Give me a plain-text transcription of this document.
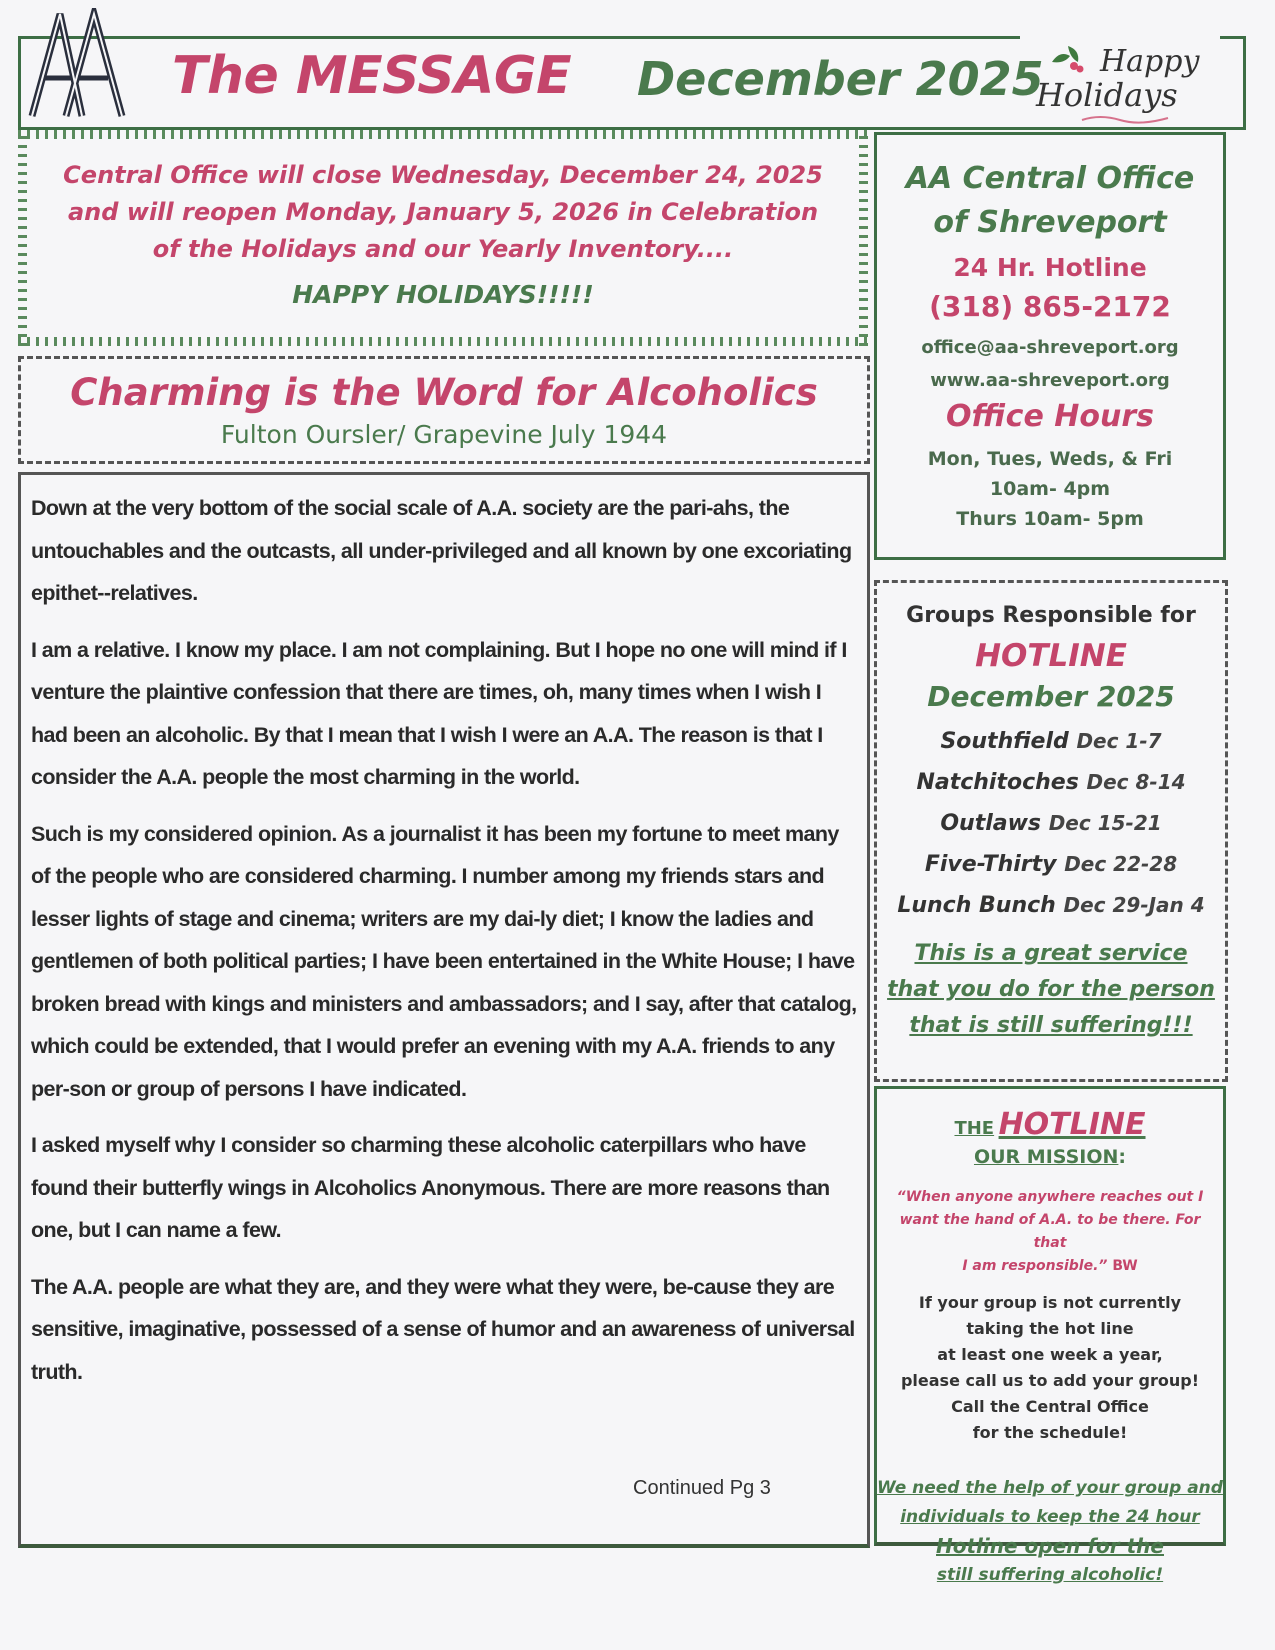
The MESSAGE December 2025 Happy
Holidays
Central Office will close Wednesday, December 24, 2025
and will reopen Monday, January 5, 2026 in Celebration
of the Holidays and our Yearly Inventory....
HAPPY HOLIDAYS!!!!!
Charming is the Word for Alcoholics
Fulton Oursler/ Grapevine July 1944

Down at the very bottom of the social scale of A.A. society are the pari-ahs, the untouchables and the outcasts, all under-privileged and all known by one excoriating epithet--relatives.

I am a relative. I know my place. I am not complaining. But I hope no one will mind if I venture the plaintive confession that there are times, oh, many times when I wish I had been an alcoholic. By that I mean that I wish I were an A.A. The reason is that I consider the A.A. people the most charming in the world.

Such is my considered opinion. As a journalist it has been my fortune to meet many of the people who are considered charming. I number among my friends stars and lesser lights of stage and cinema; writers are my dai-ly diet; I know the ladies and gentlemen of both political parties; I have been entertained in the White House; I have broken bread with kings and ministers and ambassadors; and I say, after that catalog, which could be extended, that I would prefer an evening with my A.A. friends to any per-son or group of persons I have indicated.

I asked myself why I consider so charming these alcoholic caterpillars who have found their butterfly wings in Alcoholics Anonymous. There are more reasons than one, but I can name a few.

The A.A. people are what they are, and they were what they were, be-cause they are sensitive, imaginative, possessed of a sense of humor and an awareness of universal truth.

Continued Pg 3
AA Central Office
of Shreveport
24 Hr. Hotline
(318) 865-2172
office@aa-shreveport.org
www.aa-shreveport.org
Office Hours
Mon, Tues, Weds, & Fri
10am- 4pm
Thurs 10am- 5pm
Groups Responsible for
HOTLINE
December 2025
Southfield Dec 1-7
Natchitoches Dec 8-14
Outlaws Dec 15-21
Five-Thirty Dec 22-28
Lunch Bunch Dec 29-Jan 4
This is a great service
that you do for the person
that is still suffering!!!
THE HOTLINE
OUR MISSION:
“When anyone anywhere reaches out I
want the hand of A.A. to be there. For that
I am responsible.” BW
If your group is not currently
taking the hot line
at least one week a year,
please call us to add your group!
Call the Central Office
for the schedule!
We need the help of your group and
individuals to keep the 24 hour
Hotline open for the
still suffering alcoholic!
